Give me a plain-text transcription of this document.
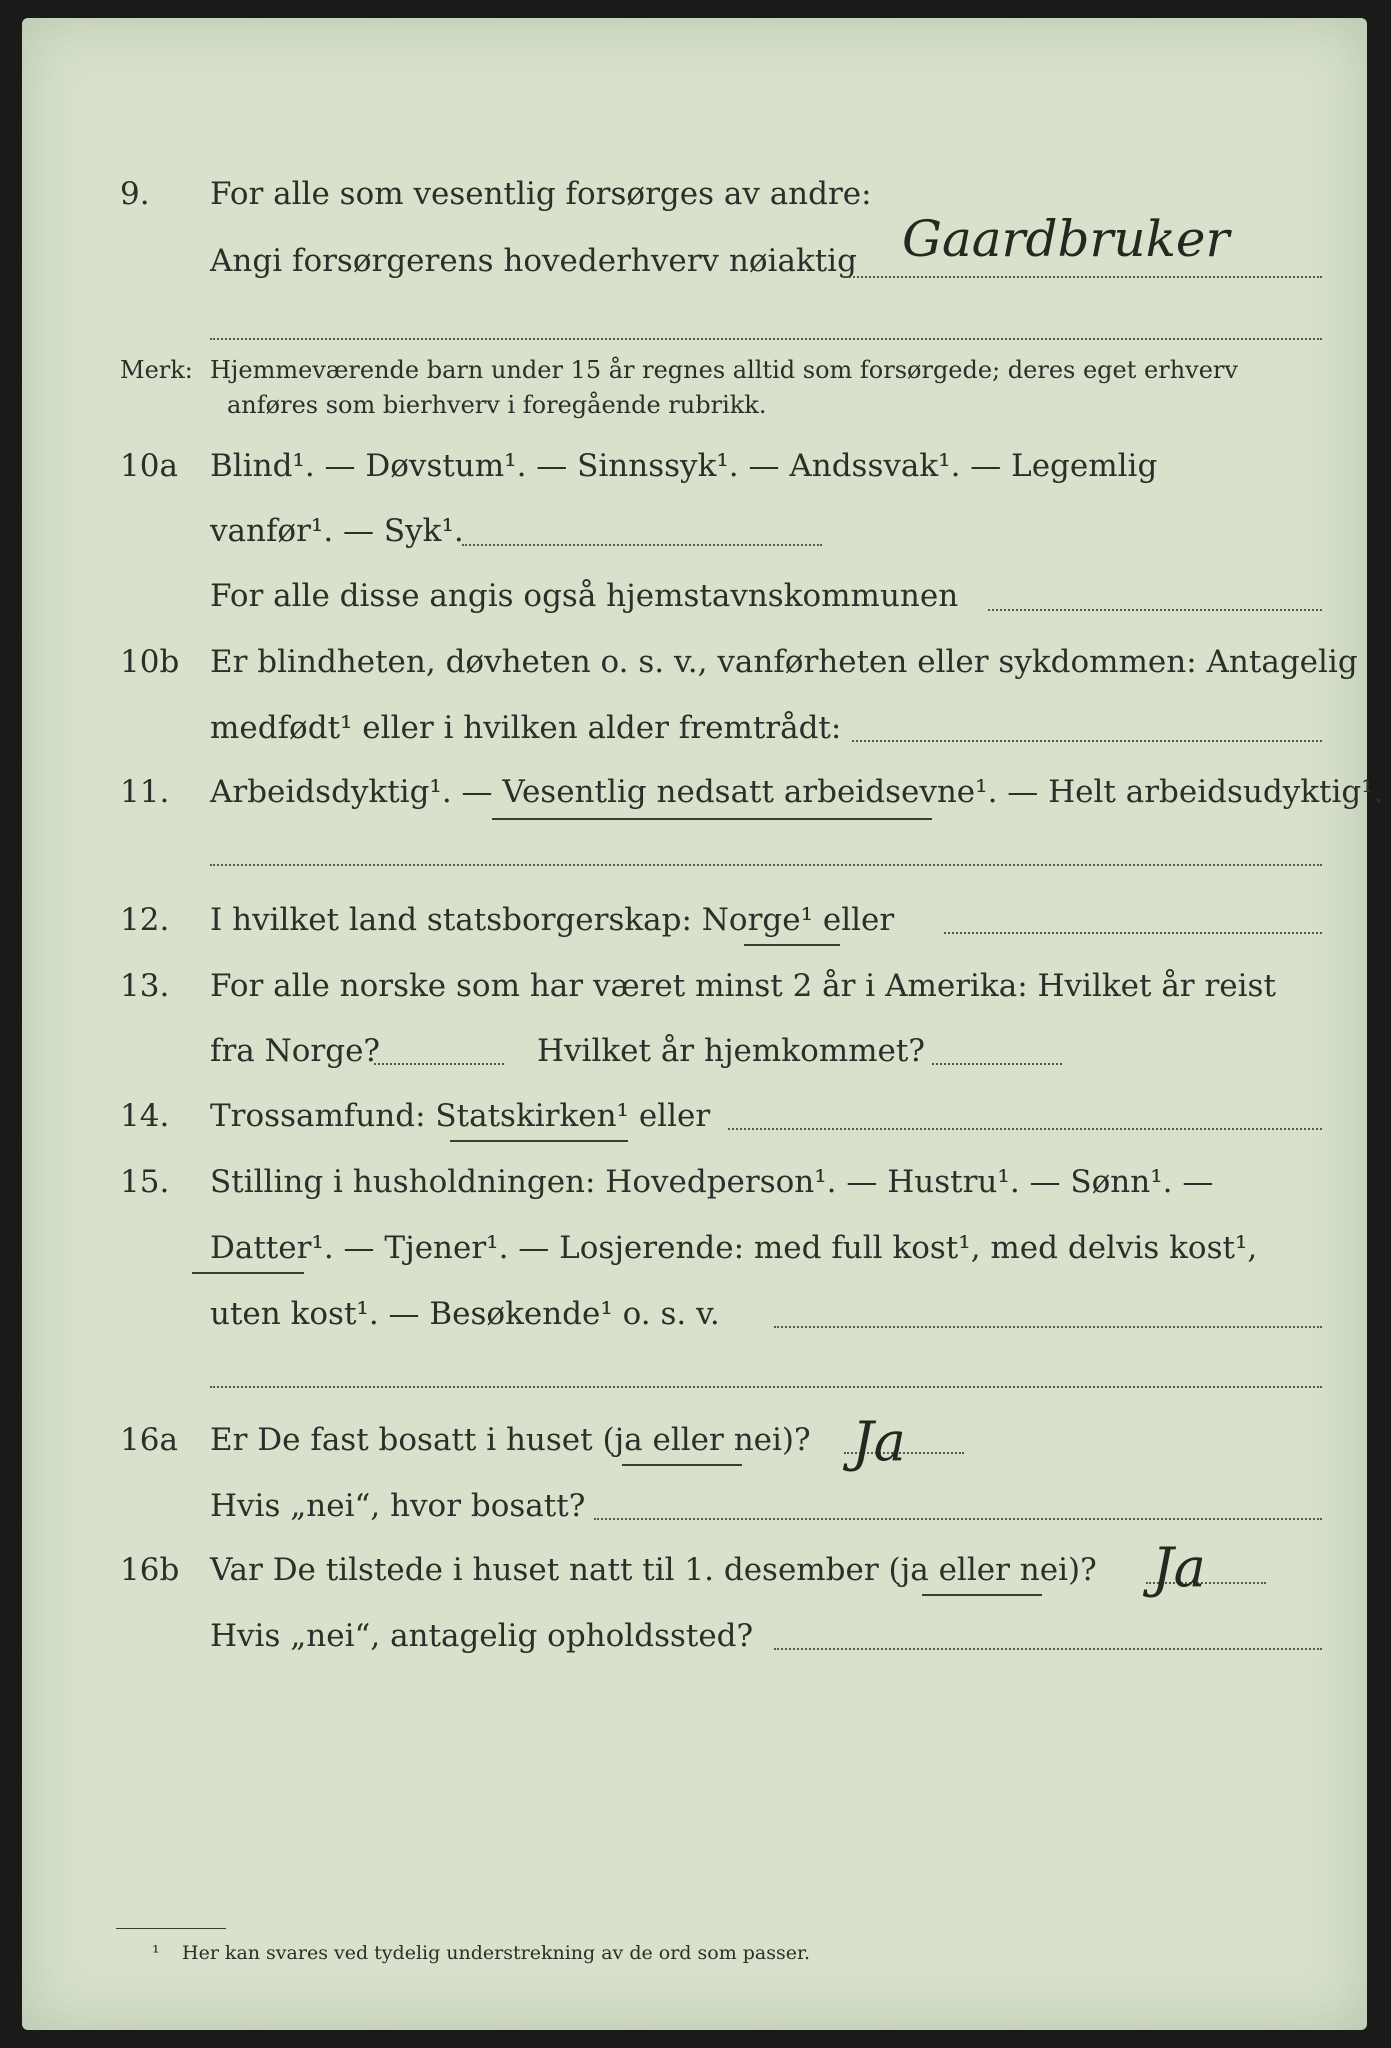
9. For alle som vesentlig forsørges av andre:
Angi forsørgerens hovederhverv nøiaktig Gaardbruker
Merk: Hjemmeværende barn under 15 år regnes alltid som forsørgede; deres eget erhverv
anføres som bierhverv i foregående rubrikk.
10a Blind¹. — Døvstum¹. — Sinnssyk¹. — Andssvak¹. — Legemlig
vanfør¹. — Syk¹.
For alle disse angis også hjemstavnskommunen
10b Er blindheten, døvheten o. s. v., vanførheten eller sykdommen: Antagelig
medfødt¹ eller i hvilken alder fremtrådt:
11. Arbeidsdyktig¹. — Vesentlig nedsatt arbeidsevne¹. — Helt arbeidsudyktig¹.
12. I hvilket land statsborgerskap: Norge¹ eller
13. For alle norske som har været minst 2 år i Amerika: Hvilket år reist
fra Norge?	Hvilket år hjemkommet?
14. Trossamfund: Statskirken¹ eller
15. Stilling i husholdningen: Hovedperson¹. — Hustru¹. — Sønn¹. —
Datter¹. — Tjener¹. — Losjerende: med full kost¹, med delvis kost¹,
uten kost¹. — Besøkende¹ o. s. v.
16a Er De fast bosatt i huset (ja eller nei)? Ja
Hvis „nei“, hvor bosatt?
16b Var De tilstede i huset natt til 1. desember (ja eller nei)? Ja
Hvis „nei“, antagelig opholdssted?
¹ Her kan svares ved tydelig understrekning av de ord som passer.
